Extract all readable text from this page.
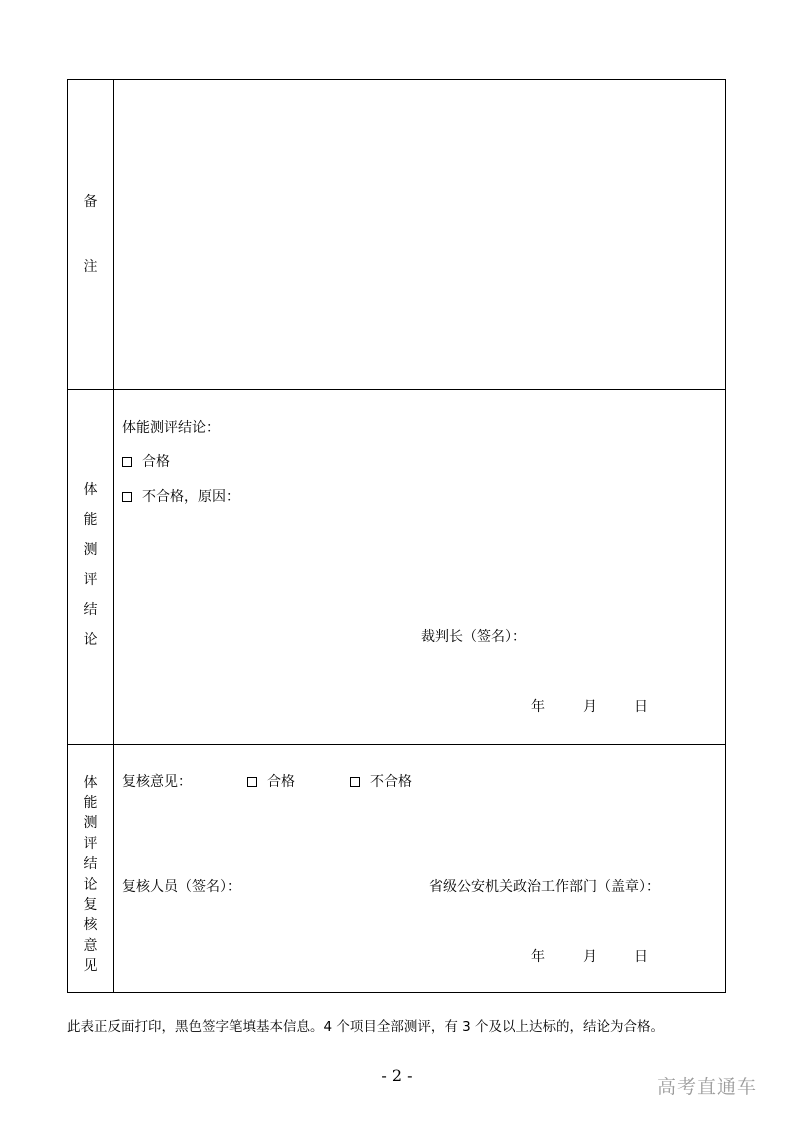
备
注
体
能
测
评
结
论
体能测评结论：
合格
不合格，原因：
裁判长（签名）：
年	月	日
体
能
测
评
结
论
复
核
意
见
复核意见：	合格	不合格
复核人员（签名）：	省级公安机关政治工作部门（盖章）：
年	月	日
此表正反面打印，黑色签字笔填基本信息。4 个项目全部测评，有 3 个及以上达标的，结论为合格。
- 2 -
高考直通车
